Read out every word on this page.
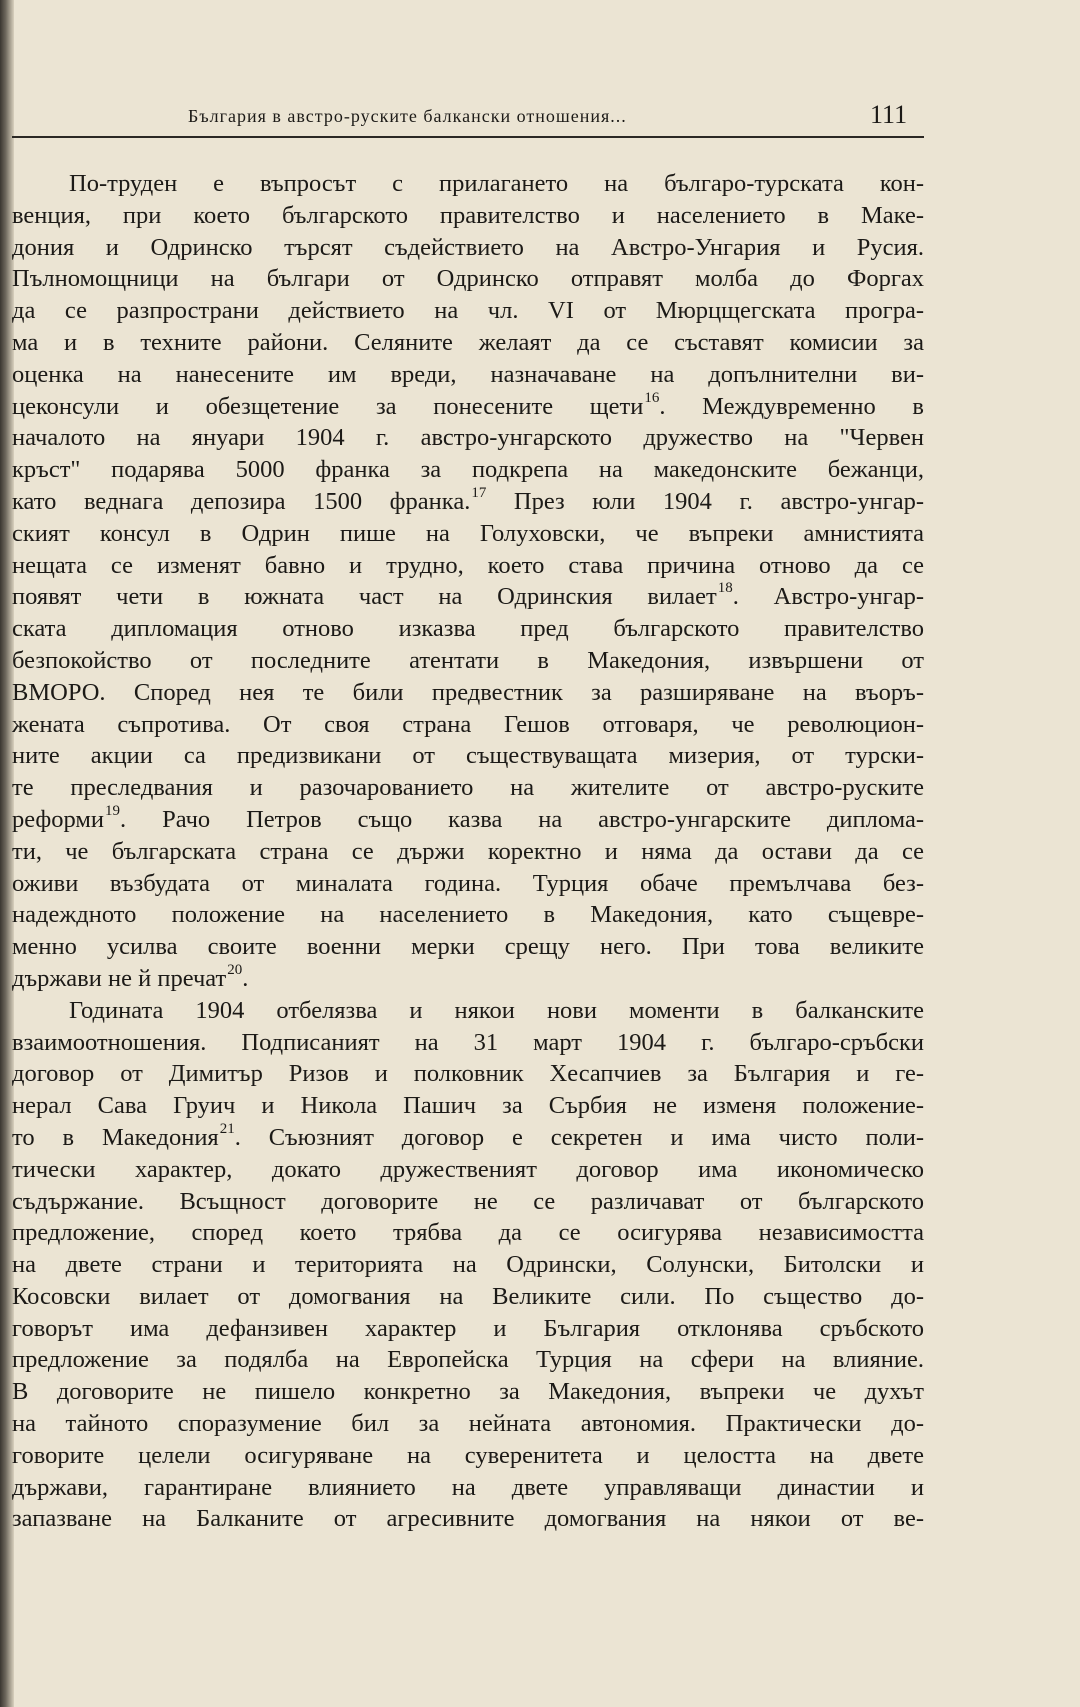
България в австро-руските балкански отношения...	111
По-труден е въпросът с прилагането на българо-турската кон-
венция, при което българското правителство и населението в Маке-
дония и Одринско търсят съдействието на Австро-Унгария и Русия.
Пълномощници на българи от Одринско отправят молба до Форгах
да се разпространи действието на чл. VI от Мюрцщегската програ-
ма и в техните райони. Селяните желаят да се съставят комисии за
оценка на нанесените им вреди, назначаване на допълнителни ви-
цеконсули и обезщетение за понесените щети$^{16}$. Междувременно в
началото на януари 1904 г. австро-унгарското дружество на "Червен
кръст" подарява 5000 франка за подкрепа на македонските бежанци,
като веднага депозира 1500 франка.$^{17}$ През юли 1904 г. австро-унгар-
ският консул в Одрин пише на Голуховски, че въпреки амнистията
нещата се изменят бавно и трудно, което става причина отново да се
появят чети в южната част на Одринския вилает$^{18}$. Австро-унгар-
ската дипломация отново изказва пред българското правителство
безпокойство от последните атентати в Македония, извършени от
ВМОРО. Според нея те били предвестник за разширяване на въоръ-
жената съпротива. От своя страна Гешов отговаря, че революцион-
ните акции са предизвикани от съществуващата мизерия, от турски-
те преследвания и разочарованието на жителите от австро-руските
реформи$^{19}$. Рачо Петров също казва на австро-унгарските диплома-
ти, че българската страна се държи коректно и няма да остави да се
оживи възбудата от миналата година. Турция обаче премълчава без-
надеждното положение на населението в Македония, като същевре-
менно усилва своите военни мерки срещу него. При това великите
държави не й пречат$^{20}$.
Годината 1904 отбелязва и някои нови моменти в балканските
взаимоотношения. Подписаният на 31 март 1904 г. българо-сръбски
договор от Димитър Ризов и полковник Хесапчиев за България и ге-
нерал Сава Груич и Никола Пашич за Сърбия не изменя положение-
то в Македония$^{21}$. Съюзният договор е секретен и има чисто поли-
тически характер, докато дружественият договор има икономическо
съдържание. Всъщност договорите не се различават от българското
предложение, според което трябва да се осигурява независимостта
на двете страни и територията на Одрински, Солунски, Битолски и
Косовски вилает от домогвания на Великите сили. По същество до-
говорът има дефанзивен характер и България отклонява сръбското
предложение за подялба на Европейска Турция на сфери на влияние.
В договорите не пишело конкретно за Македония, въпреки че духът
на тайното споразумение бил за нейната автономия. Практически до-
говорите целели осигуряване на суверенитета и целостта на двете
държави, гарантиране влиянието на двете управляващи династии и
запазване на Балканите от агресивните домогвания на някои от ве-
